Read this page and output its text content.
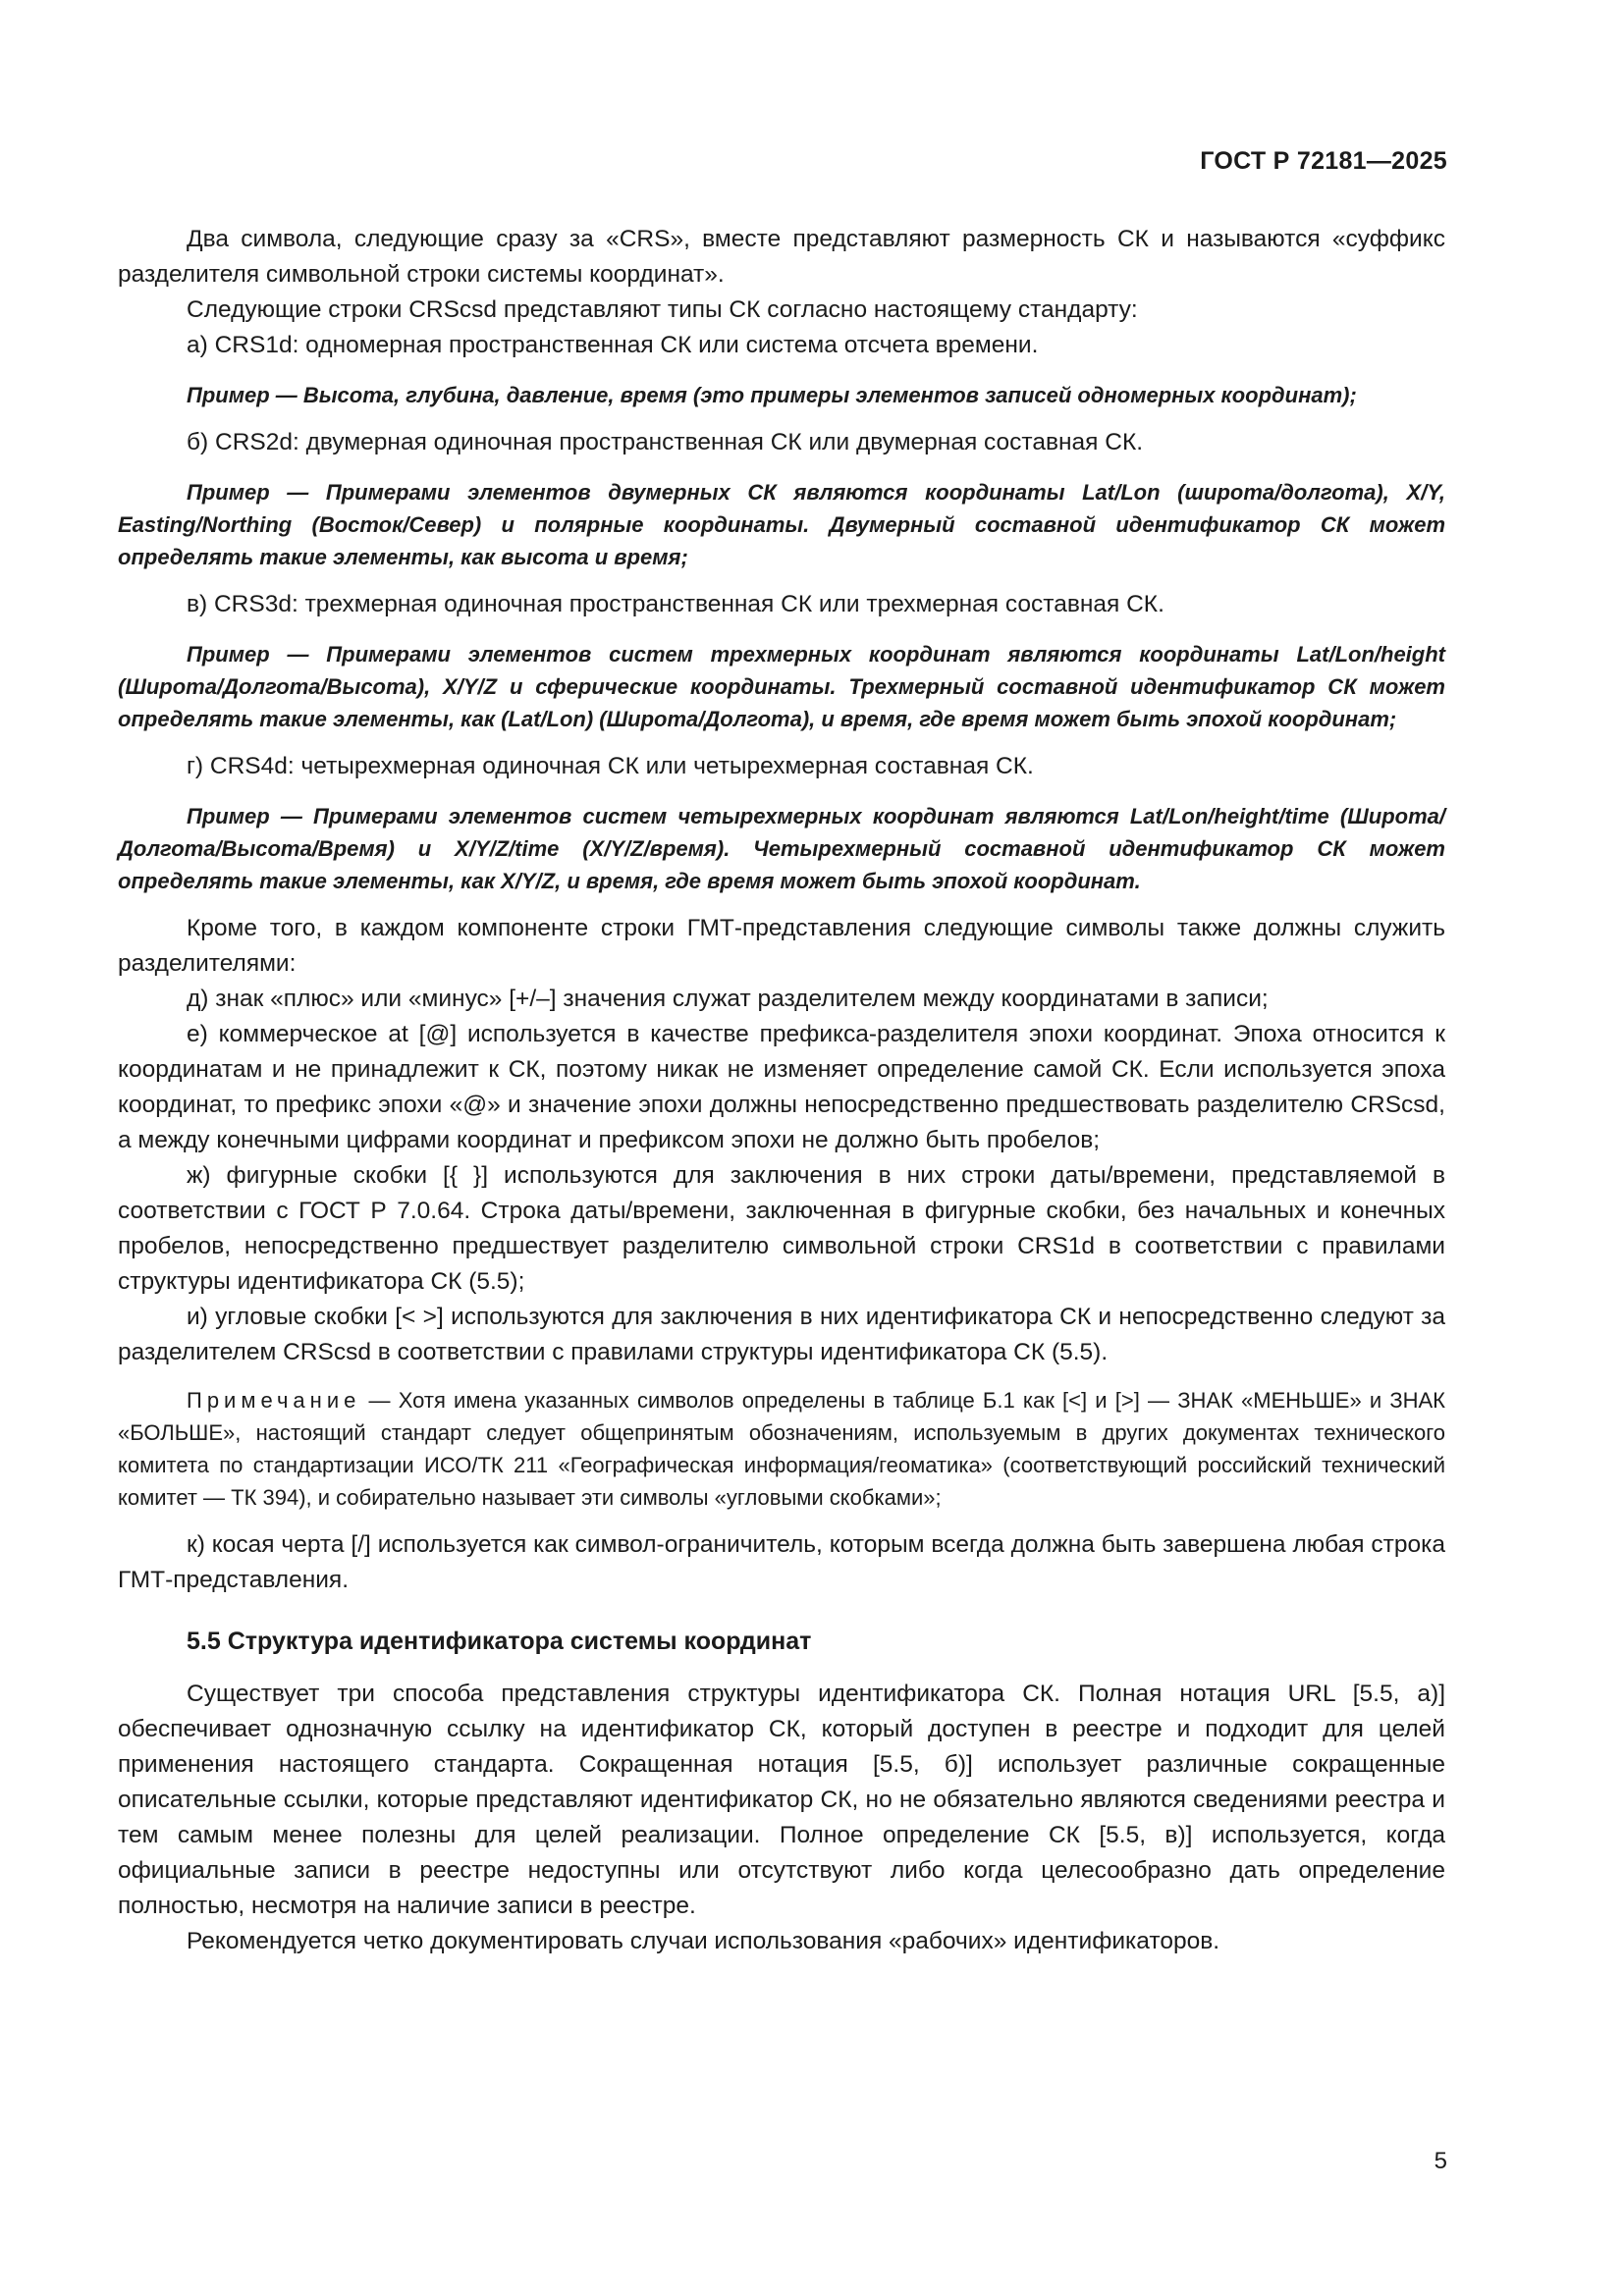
ГОСТ Р 72181—2025

Два символа, следующие сразу за «CRS», вместе представляют размерность СК и называются «суффикс разделителя символьной строки системы координат».

Следующие строки CRScsd представляют типы СК согласно настоящему стандарту:

а) CRS1d: одномерная пространственная СК или система отсчета времени.

Пример — Высота, глубина, давление, время (это примеры элементов записей одномерных координат);

б) CRS2d: двумерная одиночная пространственная СК или двумерная составная СК.

Пример — Примерами элементов двумерных СК являются координаты Lat/Lon (широта/долгота), X/Y, Easting/Northing (Восток/Север) и полярные координаты. Двумерный составной идентификатор СК может определять такие элементы, как высота и время;

в) CRS3d: трехмерная одиночная пространственная СК или трехмерная составная СК.

Пример — Примерами элементов систем трехмерных координат являются координаты Lat/Lon/height (Широта/Долгота/Высота), X/Y/Z и сферические координаты. Трехмерный составной идентификатор СК может определять такие элементы, как (Lat/Lon) (Широта/Долгота), и время, где время может быть эпохой координат;

г) CRS4d: четырехмерная одиночная СК или четырехмерная составная СК.

Пример — Примерами элементов систем четырехмерных координат являются Lat/Lon/height/time (Широта/Долгота/Высота/Время) и X/Y/Z/time (X/Y/Z/время). Четырехмерный составной идентификатор СК может определять такие элементы, как X/Y/Z, и время, где время может быть эпохой координат.

Кроме того, в каждом компоненте строки ГМТ-представления следующие символы также должны служить разделителями:

д) знак «плюс» или «минус» [+/–] значения служат разделителем между координатами в записи;

е) коммерческое at [@] используется в качестве префикса-разделителя эпохи координат. Эпоха относится к координатам и не принадлежит к СК, поэтому никак не изменяет определение самой СК. Если используется эпоха координат, то префикс эпохи «@» и значение эпохи должны непосредственно предшествовать разделителю CRScsd, а между конечными цифрами координат и префиксом эпохи не должно быть пробелов;

ж) фигурные скобки [{ }] используются для заключения в них строки даты/времени, представляемой в соответствии с ГОСТ Р 7.0.64. Строка даты/времени, заключенная в фигурные скобки, без начальных и конечных пробелов, непосредственно предшествует разделителю символьной строки CRS1d в соответствии с правилами структуры идентификатора СК (5.5);

и) угловые скобки [< >] используются для заключения в них идентификатора СК и непосредственно следуют за разделителем CRScsd в соответствии с правилами структуры идентификатора СК (5.5).

Примечание — Хотя имена указанных символов определены в таблице Б.1 как [<] и [>] — ЗНАК «МЕНЬШЕ» и ЗНАК «БОЛЬШЕ», настоящий стандарт следует общепринятым обозначениям, используемым в других документах технического комитета по стандартизации ИСО/ТК 211 «Географическая информация/геоматика» (соответствующий российский технический комитет — ТК 394), и собирательно называет эти символы «угловыми скобками»;

к) косая черта [/] используется как символ-ограничитель, которым всегда должна быть завершена любая строка ГМТ-представления.

5.5 Структура идентификатора системы координат

Существует три способа представления структуры идентификатора СК. Полная нотация URL [5.5, а)] обеспечивает однозначную ссылку на идентификатор СК, который доступен в реестре и подходит для целей применения настоящего стандарта. Сокращенная нотация [5.5, б)] использует различные сокращенные описательные ссылки, которые представляют идентификатор СК, но не обязательно являются сведениями реестра и тем самым менее полезны для целей реализации. Полное определение СК [5.5, в)] используется, когда официальные записи в реестре недоступны или отсутствуют либо когда целесообразно дать определение полностью, несмотря на наличие записи в реестре.

Рекомендуется четко документировать случаи использования «рабочих» идентификаторов.

5
